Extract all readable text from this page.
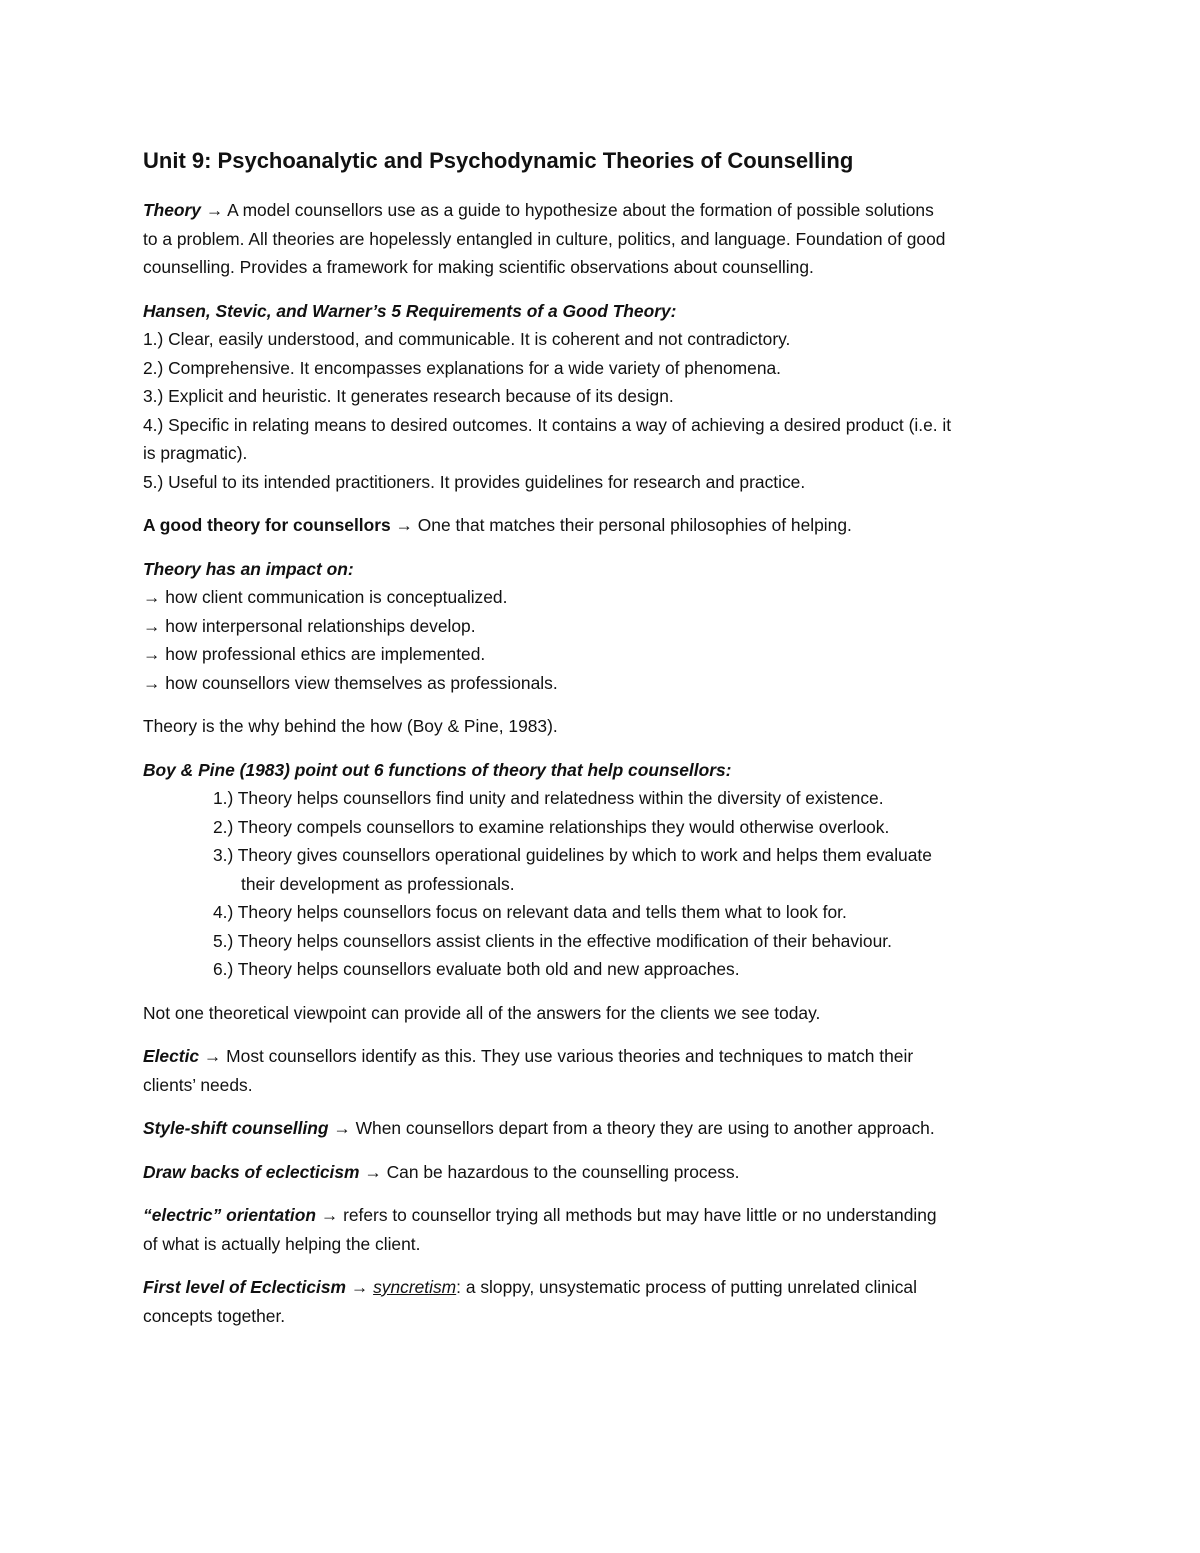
Unit 9: Psychoanalytic and Psychodynamic Theories of Counselling

Theory → A model counsellors use as a guide to hypothesize about the formation of possible solutions

to a problem. All theories are hopelessly entangled in culture, politics, and language. Foundation of good

counselling. Provides a framework for making scientific observations about counselling.

Hansen, Stevic, and Warner’s 5 Requirements of a Good Theory:

1.) Clear, easily understood, and communicable. It is coherent and not contradictory.

2.) Comprehensive. It encompasses explanations for a wide variety of phenomena.

3.) Explicit and heuristic. It generates research because of its design.

4.) Specific in relating means to desired outcomes. It contains a way of achieving a desired product (i.e. it

is pragmatic).

5.) Useful to its intended practitioners. It provides guidelines for research and practice.

A good theory for counsellors → One that matches their personal philosophies of helping.

Theory has an impact on:

→ how client communication is conceptualized.

→ how interpersonal relationships develop.

→ how professional ethics are implemented.

→ how counsellors view themselves as professionals.

Theory is the why behind the how (Boy & Pine, 1983).

Boy & Pine (1983) point out 6 functions of theory that help counsellors:

1.) Theory helps counsellors find unity and relatedness within the diversity of existence.

2.) Theory compels counsellors to examine relationships they would otherwise overlook.

3.) Theory gives counsellors operational guidelines by which to work and helps them evaluate

their development as professionals.

4.) Theory helps counsellors focus on relevant data and tells them what to look for.

5.) Theory helps counsellors assist clients in the effective modification of their behaviour.

6.) Theory helps counsellors evaluate both old and new approaches.

Not one theoretical viewpoint can provide all of the answers for the clients we see today.

Electic → Most counsellors identify as this. They use various theories and techniques to match their

clients’ needs.

Style-shift counselling → When counsellors depart from a theory they are using to another approach.

Draw backs of eclecticism → Can be hazardous to the counselling process.

“electric” orientation → refers to counsellor trying all methods but may have little or no understanding

of what is actually helping the client.

First level of Eclecticism → syncretism: a sloppy, unsystematic process of putting unrelated clinical

concepts together.
